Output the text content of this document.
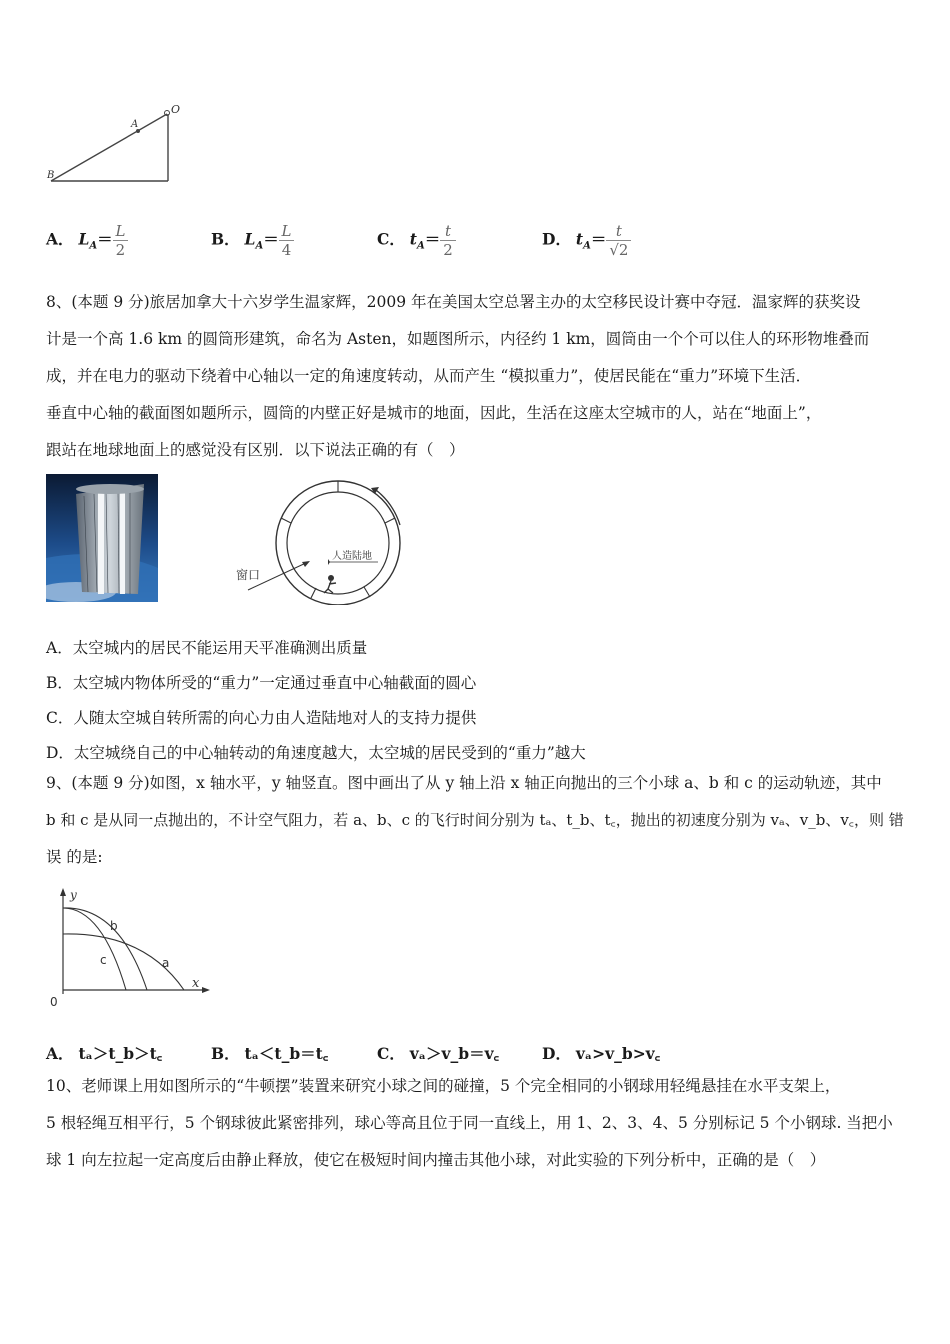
O
A
B
A． $L_A= \frac{L}{2}$	B． $L_A= \frac{L}{4}$	C． $t_A= \frac{t}{2}$	D． $t_A= \frac{t}{√2}$
8、(本题 9 分)旅居加拿大十六岁学生温家辉，2009 年在美国太空总署主办的太空移民设计赛中夺冠．温家辉的获奖设
计是一个高 1.6 km 的圆筒形建筑，命名为 Asten，如题图所示，内径约 1 km，圆筒由一个个可以住人的环形物堆叠而
成，并在电力的驱动下绕着中心轴以一定的角速度转动，从而产生 “模拟重力”，使居民能在“重力”环境下生活．
垂直中心轴的截面图如题所示，圆筒的内壁正好是城市的地面，因此，生活在这座太空城市的人，站在“地面上”，
跟站在地球地面上的感觉没有区别．以下说法正确的有（　）
窗口
人造陆地
A．太空城内的居民不能运用天平准确测出质量
B．太空城内物体所受的“重力”一定通过垂直中心轴截面的圆心
C．人随太空城自转所需的向心力由人造陆地对人的支持力提供
D．太空城绕自己的中心轴转动的角速度越大，太空城的居民受到的“重力”越大
9、(本题 9 分)如图，x 轴水平，y 轴竖直。图中画出了从 y 轴上沿 x 轴正向抛出的三个小球 a、b 和 c 的运动轨迹，其中
b 和 c 是从同一点抛出的，不计空气阻力，若 a、b、c 的飞行时间分别为 tₐ、t_b、t꜀，抛出的初速度分别为 vₐ、v_b、v꜀，则 错
误 的是:
y
x
0
a
b
c
A． tₐ＞t_b＞t꜀	B． tₐ＜t_b＝t꜀	C． vₐ＞v_b＝v꜀	D． vₐ>v_b>v꜀
10、老师课上用如图所示的“牛顿摆”装置来研究小球之间的碰撞，5 个完全相同的小钢球用轻绳悬挂在水平支架上，
5 根轻绳互相平行，5 个钢球彼此紧密排列，球心等高且位于同一直线上，用 1、2、3、4、5 分别标记 5 个小钢球. 当把小
球 1 向左拉起一定高度后由静止释放，使它在极短时间内撞击其他小球，对此实验的下列分析中，正确的是（　）
